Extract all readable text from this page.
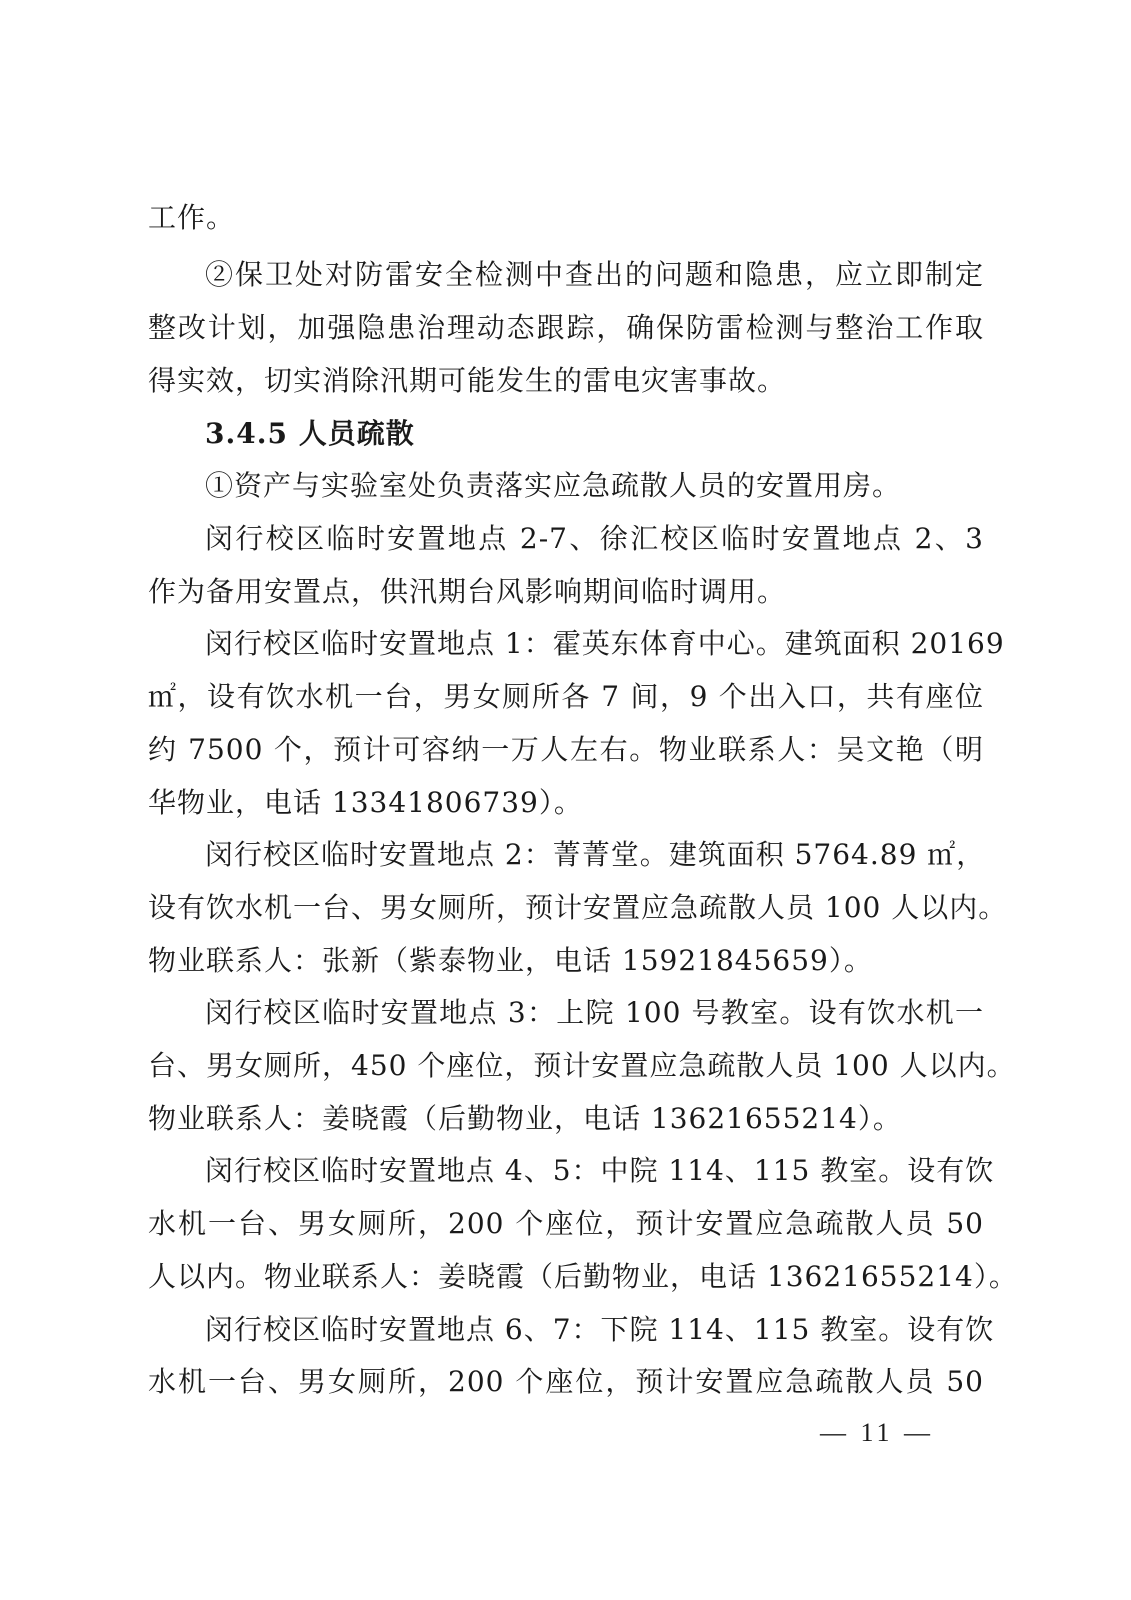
工作。
②保卫处对防雷安全检测中查出的问题和隐患，应立即制定
整改计划，加强隐患治理动态跟踪，确保防雷检测与整治工作取
得实效，切实消除汛期可能发生的雷电灾害事故。
3.4.5 人员疏散
①资产与实验室处负责落实应急疏散人员的安置用房。
闵行校区临时安置地点 2-7、徐汇校区临时安置地点 2、3
作为备用安置点，供汛期台风影响期间临时调用。
闵行校区临时安置地点 1：霍英东体育中心。建筑面积 20169
㎡，设有饮水机一台，男女厕所各 7 间，9 个出入口，共有座位
约 7500 个，预计可容纳一万人左右。物业联系人：吴文艳（明
华物业，电话 13341806739）。
闵行校区临时安置地点 2：菁菁堂。建筑面积 5764.89 ㎡，
设有饮水机一台、男女厕所，预计安置应急疏散人员 100 人以内。
物业联系人：张新（紫泰物业，电话 15921845659）。
闵行校区临时安置地点 3：上院 100 号教室。设有饮水机一
台、男女厕所，450 个座位，预计安置应急疏散人员 100 人以内。
物业联系人：姜晓霞（后勤物业，电话 13621655214）。
闵行校区临时安置地点 4、5：中院 114、115 教室。设有饮
水机一台、男女厕所，200 个座位，预计安置应急疏散人员 50
人以内。物业联系人：姜晓霞（后勤物业，电话 13621655214）。
闵行校区临时安置地点 6、7：下院 114、115 教室。设有饮
水机一台、男女厕所，200 个座位，预计安置应急疏散人员 50
— 11 —
